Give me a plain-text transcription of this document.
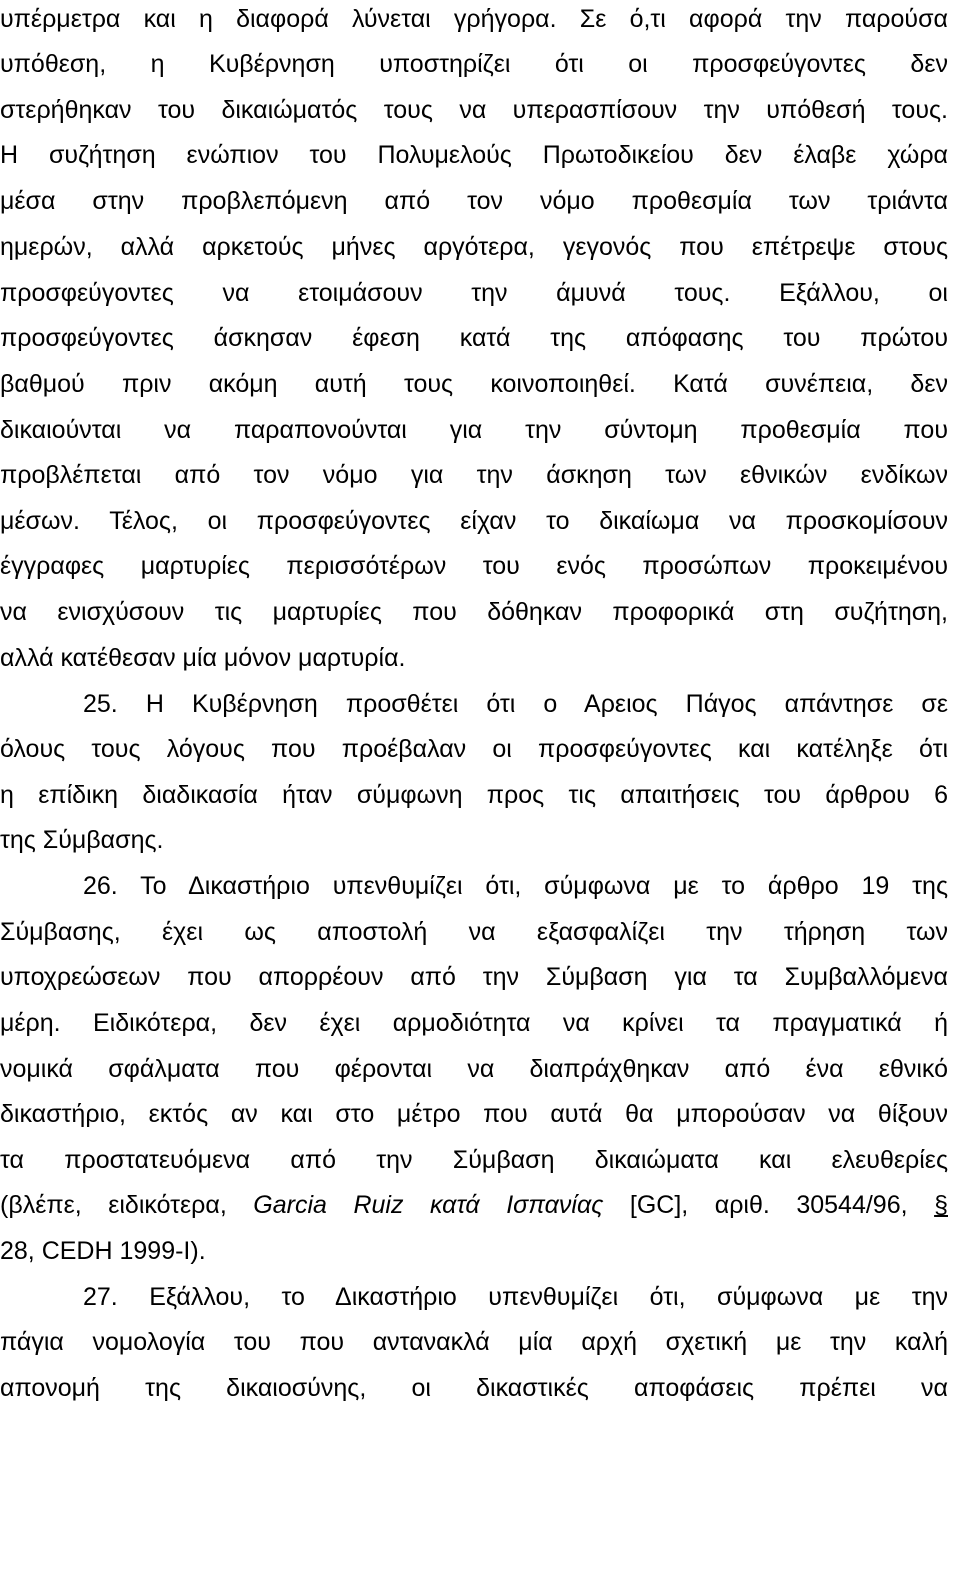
υπέρμετρα και η διαφορά λύνεται γρήγορα. Σε ό,τι αφορά την παρούσα
υπόθεση, η Κυβέρνηση υποστηρίζει ότι οι προσφεύγοντες δεν
στερήθηκαν του δικαιώματός τους να υπερασπίσουν την υπόθεσή τους.
Η συζήτηση ενώπιον του Πολυμελούς Πρωτοδικείου δεν έλαβε χώρα
μέσα στην προβλεπόμενη από τον νόμο προθεσμία των τριάντα
ημερών, αλλά αρκετούς μήνες αργότερα, γεγονός που επέτρεψε στους
προσφεύγοντες να ετοιμάσουν την άμυνά τους. Εξάλλου, οι
προσφεύγοντες άσκησαν έφεση κατά της απόφασης του πρώτου
βαθμού πριν ακόμη αυτή τους κοινοποιηθεί. Κατά συνέπεια, δεν
δικαιούνται να παραπονούνται για την σύντομη προθεσμία που
προβλέπεται από τον νόμο για την άσκηση των εθνικών ενδίκων
μέσων. Τέλος, οι προσφεύγοντες είχαν το δικαίωμα να προσκομίσουν
έγγραφες μαρτυρίες περισσότέρων του ενός προσώπων προκειμένου
να ενισχύσουν τις μαρτυρίες που δόθηκαν προφορικά στη συζήτηση,
αλλά κατέθεσαν μία μόνον μαρτυρία.
25. Η Κυβέρνηση προσθέτει ότι ο Αρειος Πάγος απάντησε σε
όλους τους λόγους που προέβαλαν οι προσφεύγοντες και κατέληξε ότι
η επίδικη διαδικασία ήταν σύμφωνη προς τις απαιτήσεις του άρθρου 6
της Σύμβασης.
26. Το Δικαστήριο υπενθυμίζει ότι, σύμφωνα με το άρθρο 19 της
Σύμβασης, έχει ως αποστολή να εξασφαλίζει την τήρηση των
υποχρεώσεων που απορρέουν από την Σύμβαση για τα Συμβαλλόμενα
μέρη. Ειδικότερα, δεν έχει αρμοδιότητα να κρίνει τα πραγματικά ή
νομικά σφάλματα που φέρονται να διαπράχθηκαν από ένα εθνικό
δικαστήριο, εκτός αν και στο μέτρο που αυτά θα μπορούσαν να θίξουν
τα προστατευόμενα από την Σύμβαση δικαιώματα και ελευθερίες
(βλέπε, ειδικότερα, Garcia Ruiz κατά Ισπανίας [GC], αριθ. 30544/96, §
28, CEDH 1999-I).
27. Εξάλλου, το Δικαστήριο υπενθυμίζει ότι, σύμφωνα με την
πάγια νομολογία του που αντανακλά μία αρχή σχετική με την καλή
απονομή της δικαιοσύνης, οι δικαστικές αποφάσεις πρέπει να
